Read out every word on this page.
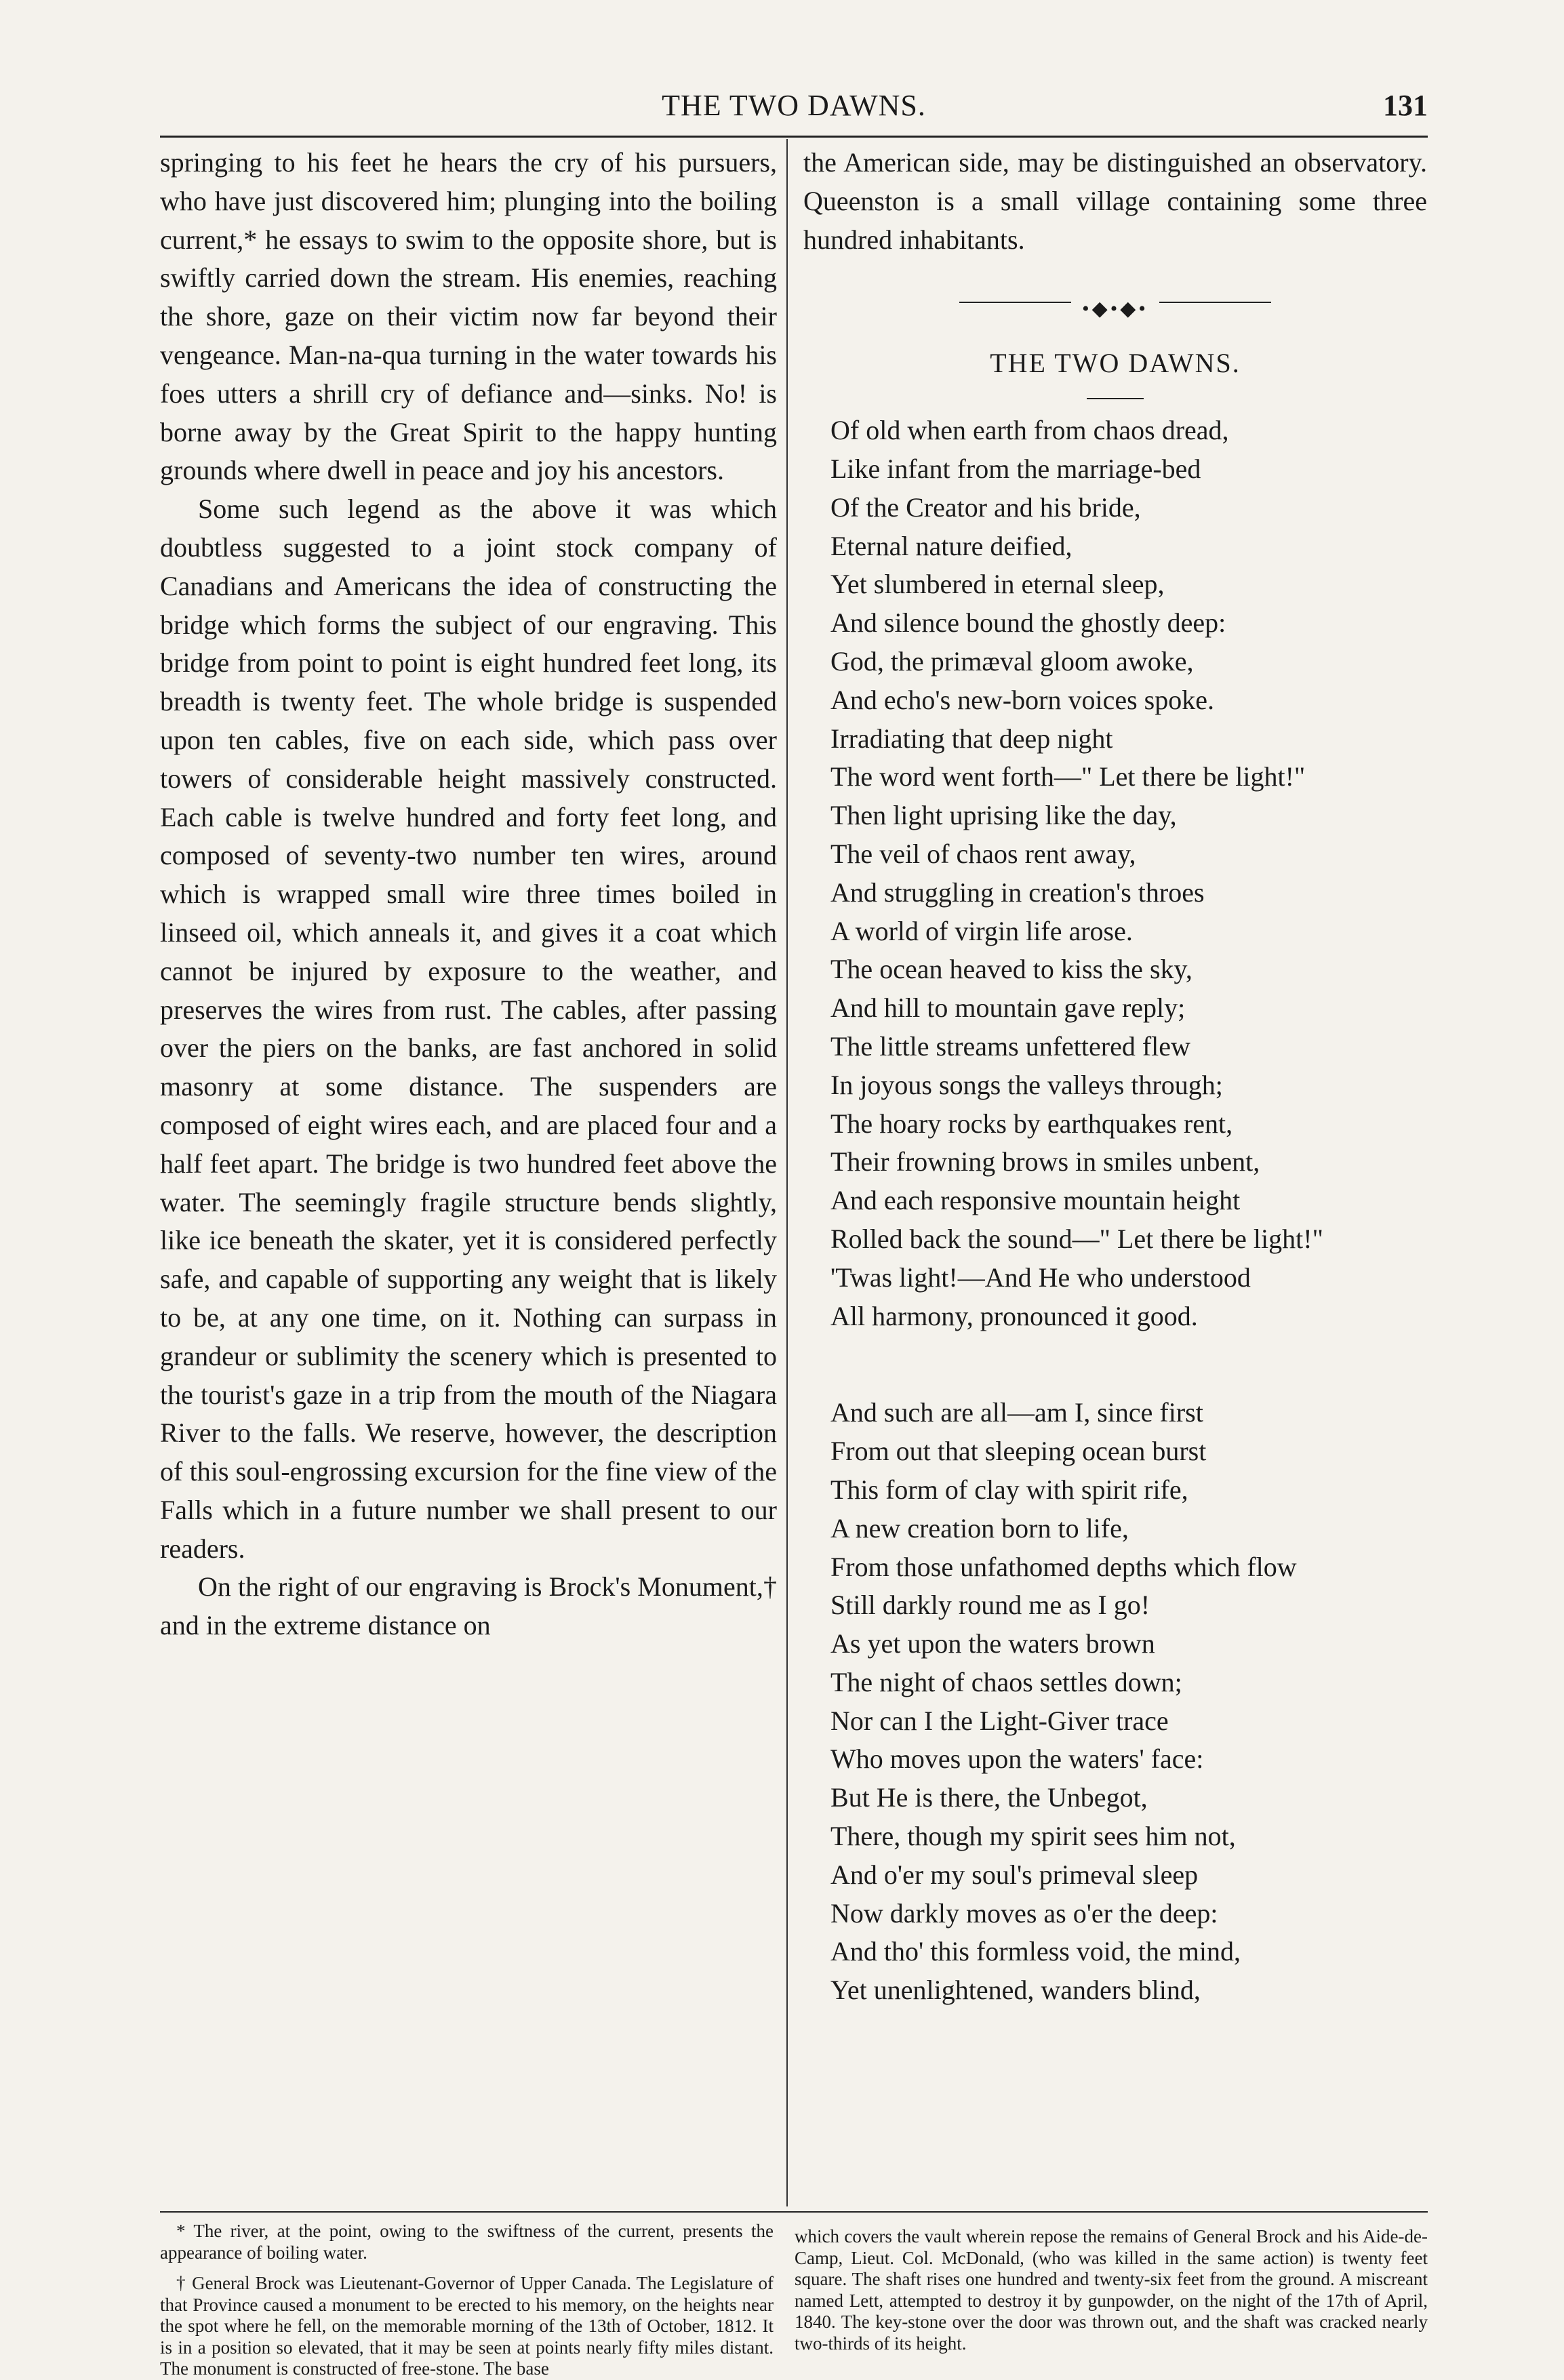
THE TWO DAWNS.	131

springing to his feet he hears the cry of his pursuers, who have just discovered him; plunging into the boiling current,* he essays to swim to the opposite shore, but is swiftly carried down the stream. His enemies, reaching the shore, gaze on their victim now far beyond their vengeance. Man-na-qua turning in the water towards his foes utters a shrill cry of defiance and—sinks. No! is borne away by the Great Spirit to the happy hunting grounds where dwell in peace and joy his ancestors.

Some such legend as the above it was which doubtless suggested to a joint stock company of Canadians and Americans the idea of constructing the bridge which forms the subject of our engraving. This bridge from point to point is eight hundred feet long, its breadth is twenty feet. The whole bridge is suspended upon ten cables, five on each side, which pass over towers of considerable height massively constructed. Each cable is twelve hundred and forty feet long, and composed of seventy-two number ten wires, around which is wrapped small wire three times boiled in linseed oil, which anneals it, and gives it a coat which cannot be injured by exposure to the weather, and preserves the wires from rust. The cables, after passing over the piers on the banks, are fast anchored in solid masonry at some distance. The suspenders are composed of eight wires each, and are placed four and a half feet apart. The bridge is two hundred feet above the water. The seemingly fragile structure bends slightly, like ice beneath the skater, yet it is considered perfectly safe, and capable of supporting any weight that is likely to be, at any one time, on it. Nothing can surpass in grandeur or sublimity the scenery which is presented to the tourist's gaze in a trip from the mouth of the Niagara River to the falls. We reserve, however, the description of this soul-engrossing excursion for the fine view of the Falls which in a future number we shall present to our readers.

On the right of our engraving is Brock's Monument,† and in the extreme distance on

the American side, may be distinguished an observatory. Queenston is a small village containing some three hundred inhabitants.

•◆•◆•
THE TWO DAWNS.
Of old when earth from chaos dread,
Like infant from the marriage-bed
Of the Creator and his bride,
Eternal nature deified,
Yet slumbered in eternal sleep,
And silence bound the ghostly deep:
God, the primæval gloom awoke,
And echo's new-born voices spoke.
Irradiating that deep night
The word went forth—" Let there be light!"
Then light uprising like the day,
The veil of chaos rent away,
And struggling in creation's throes
A world of virgin life arose.
The ocean heaved to kiss the sky,
And hill to mountain gave reply;
The little streams unfettered flew
In joyous songs the valleys through;
The hoary rocks by earthquakes rent,
Their frowning brows in smiles unbent,
And each responsive mountain height
Rolled back the sound—" Let there be light!"
'Twas light!—And He who understood
All harmony, pronounced it good.
And such are all—am I, since first
From out that sleeping ocean burst
This form of clay with spirit rife,
A new creation born to life,
From those unfathomed depths which flow
Still darkly round me as I go!
As yet upon the waters brown
The night of chaos settles down;
Nor can I the Light-Giver trace
Who moves upon the waters' face:
But He is there, the Unbegot,
There, though my spirit sees him not,
And o'er my soul's primeval sleep
Now darkly moves as o'er the deep:
And tho' this formless void, the mind,
Yet unenlightened, wanders blind,

* The river, at the point, owing to the swiftness of the current, presents the appearance of boiling water.

† General Brock was Lieutenant-Governor of Upper Canada. The Legislature of that Province caused a monument to be erected to his memory, on the heights near the spot where he fell, on the memorable morning of the 13th of October, 1812. It is in a position so elevated, that it may be seen at points nearly fifty miles distant. The monument is constructed of free-stone. The base

which covers the vault wherein repose the remains of General Brock and his Aide-de-Camp, Lieut. Col. McDonald, (who was killed in the same action) is twenty feet square. The shaft rises one hundred and twenty-six feet from the ground. A miscreant named Lett, attempted to destroy it by gunpowder, on the night of the 17th of April, 1840. The key-stone over the door was thrown out, and the shaft was cracked nearly two-thirds of its height.
